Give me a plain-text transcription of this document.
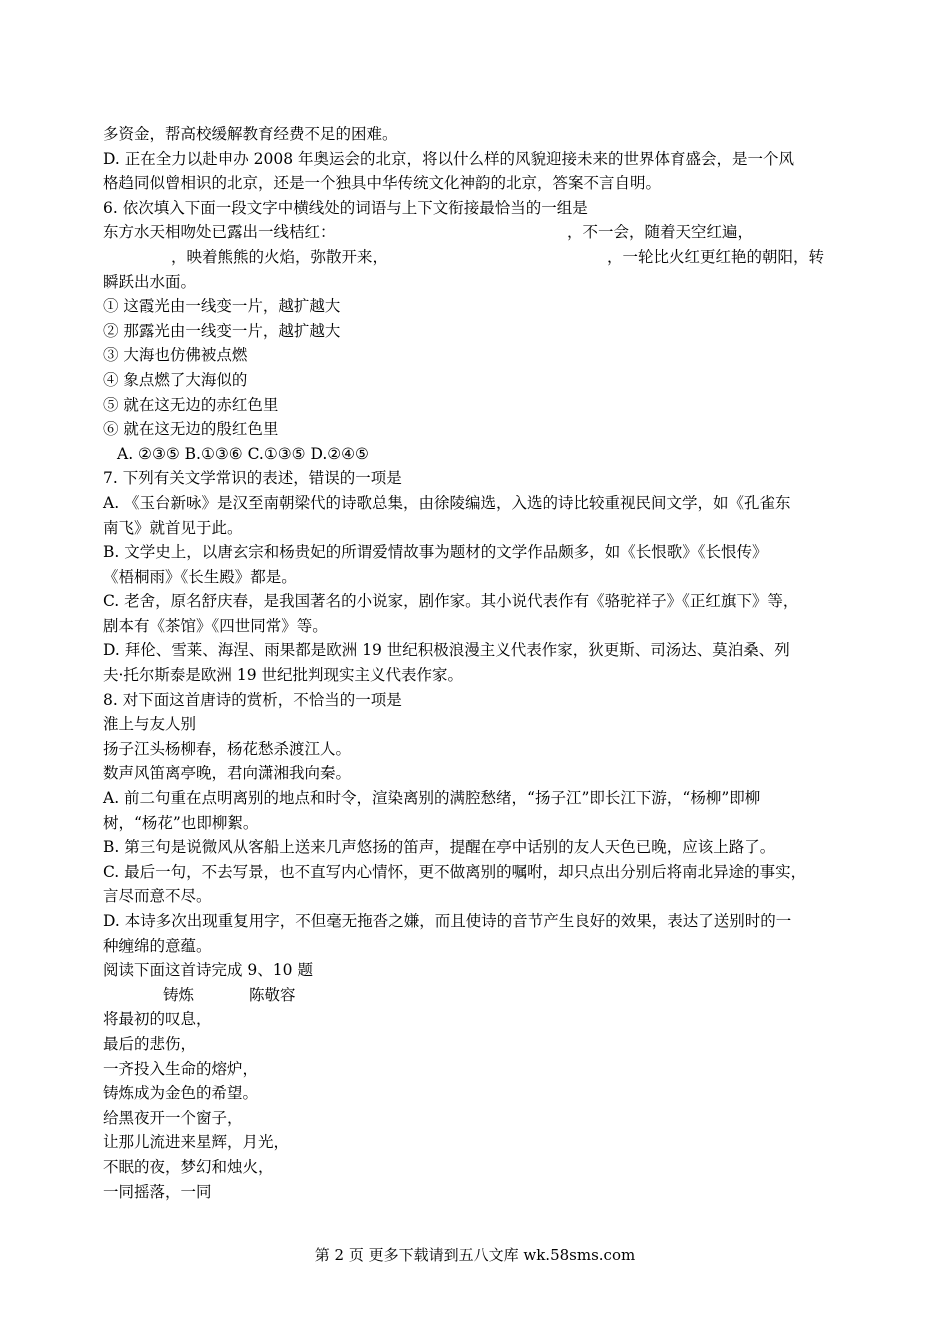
多资金，帮高校缓解教育经费不足的困难。
D. 正在全力以赴申办 2008 年奥运会的北京，将以什么样的风貌迎接未来的世界体育盛会，是一个风
格趋同似曾相识的北京，还是一个独具中华传统文化神韵的北京，答案不言自明。
6. 依次填入下面一段文字中横线处的词语与上下文衔接最恰当的一组是
东方水天相吻处已露出一线桔红：	，不一会，随着天空红遍，
，映着熊熊的火焰，弥散开来，	，一轮比火红更红艳的朝阳，转
瞬跃出水面。
① 这霞光由一线变一片，越扩越大
② 那露光由一线变一片，越扩越大
③ 大海也仿佛被点燃
④ 象点燃了大海似的
⑤ 就在这无边的赤红色里
⑥ 就在这无边的殷红色里
A. ②③⑤ B.①③⑥ C.①③⑤ D.②④⑤
7. 下列有关文学常识的表述，错误的一项是
A. 《玉台新咏》是汉至南朝梁代的诗歌总集，由徐陵编选，入选的诗比较重视民间文学，如《孔雀东
南飞》就首见于此。
B. 文学史上，以唐玄宗和杨贵妃的所谓爱情故事为题材的文学作品颇多，如《长恨歌》《长恨传》
《梧桐雨》《长生殿》都是。
C. 老舍，原名舒庆春，是我国著名的小说家，剧作家。其小说代表作有《骆驼祥子》《正红旗下》等，
剧本有《茶馆》《四世同常》等。
D. 拜伦、雪莱、海涅、雨果都是欧洲 19 世纪积极浪漫主义代表作家，狄更斯、司汤达、莫泊桑、列
夫·托尔斯泰是欧洲 19 世纪批判现实主义代表作家。
8. 对下面这首唐诗的赏析，不恰当的一项是
淮上与友人别
扬子江头杨柳春，杨花愁杀渡江人。
数声风笛离亭晚，君向潇湘我向秦。
A. 前二句重在点明离别的地点和时令，渲染离别的满腔愁绪，“扬子江”即长江下游，“杨柳”即柳
树，“杨花”也即柳絮。
B. 第三句是说微风从客船上送来几声悠扬的笛声，提醒在亭中话别的友人天色已晚，应该上路了。
C. 最后一句，不去写景，也不直写内心情怀，更不做离别的嘱咐，却只点出分别后将南北异途的事实，
言尽而意不尽。
D. 本诗多次出现重复用字，不但毫无拖沓之嫌，而且使诗的音节产生良好的效果，表达了送别时的一
种缠绵的意蕴。
阅读下面这首诗完成 9、10 题
铸炼	陈敬容
将最初的叹息，
最后的悲伤，
一齐投入生命的熔炉，
铸炼成为金色的希望。
给黑夜开一个窗子，
让那儿流进来星辉，月光，
不眠的夜，梦幻和烛火，
一同摇落，一同
第 2 页 更多下载请到五八文库 wk.58sms.com
